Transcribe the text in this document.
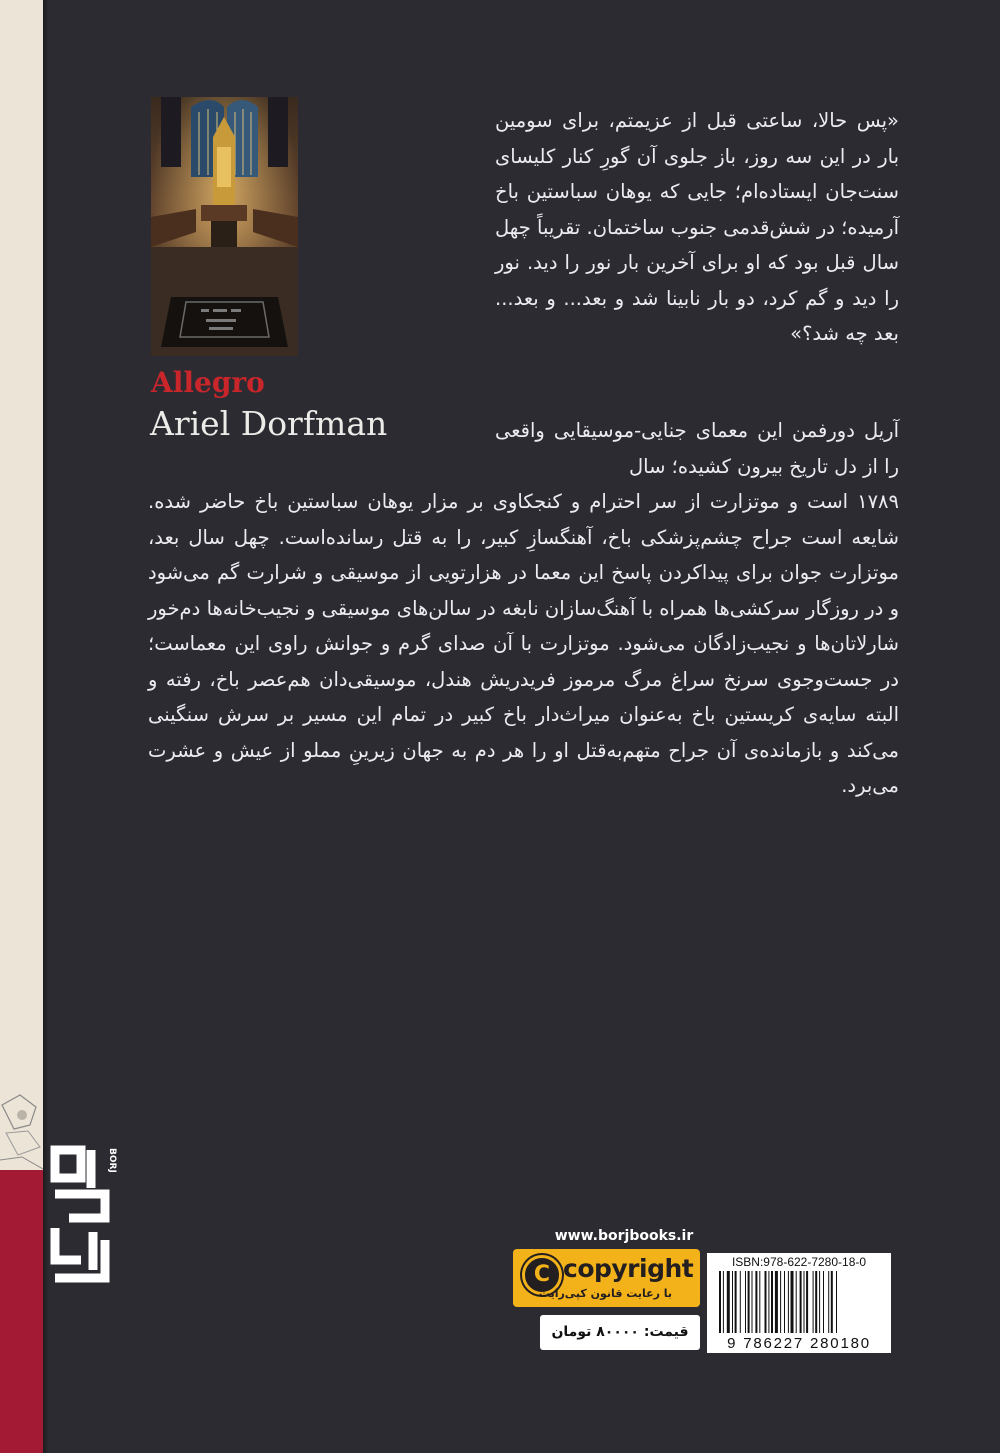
BORJ

Allegro

Ariel Dorfman

«پس حالا، ساعتی قبل از عزیمتم، برای سومین بار در این سه روز، باز جلوی آن گورِ کنار کلیسای سنت‌جان ایستاده‌ام؛ جایی که یوهان سباستین باخ آرمیده؛ در شش‌قدمی جنوب ساختمان. تقریباً چهل سال قبل بود که او برای آخرین بار نور را دید. نور را دید و گم کرد، دو بار نابینا شد و بعد... و بعد... بعد چه شد؟»

آریل دورفمن این معمای جنایی-موسیقایی واقعی را از دل تاریخ بیرون کشیده؛ سال

۱۷۸۹ است و موتزارت از سر احترام و کنجکاوی بر مزار یوهان سباستین باخ حاضر شده. شایعه است جراح چشم‌پزشکی باخ، آهنگسازِ کبیر، را به قتل رسانده‌است. چهل سال بعد، موتزارت جوان برای پیداکردن پاسخ این معما در هزارتویی از موسیقی و شرارت گم می‌شود و در روزگار سرکشی‌ها همراه با آهنگ‌سازان نابغه در سالن‌های موسیقی و نجیب‌خانه‌ها دم‌خور شارلاتان‌ها و نجیب‌زادگان می‌شود. موتزارت با آن صدای گرم و جوانش راوی این معماست؛ در جست‌وجوی سرنخ سراغ مرگ مرموز فریدریش هندل، موسیقی‌دان هم‌عصر باخ، رفته و البته سایه‌ی کریستین باخ به‌عنوان میراث‌دار باخ کبیر در تمام این مسیر بر سرش سنگینی می‌کند و بازمانده‌ی آن جراح متهم‌به‌قتل او را هر دم به جهان زیرینِ مملو از عیش و عشرت می‌برد.

www.borjbooks.ir
C copyright
با رعایت قانون کپی‌رایت
قیمت: ۸۰۰۰۰ تومان
ISBN:978-622-7280-18-0
9 786227 280180
